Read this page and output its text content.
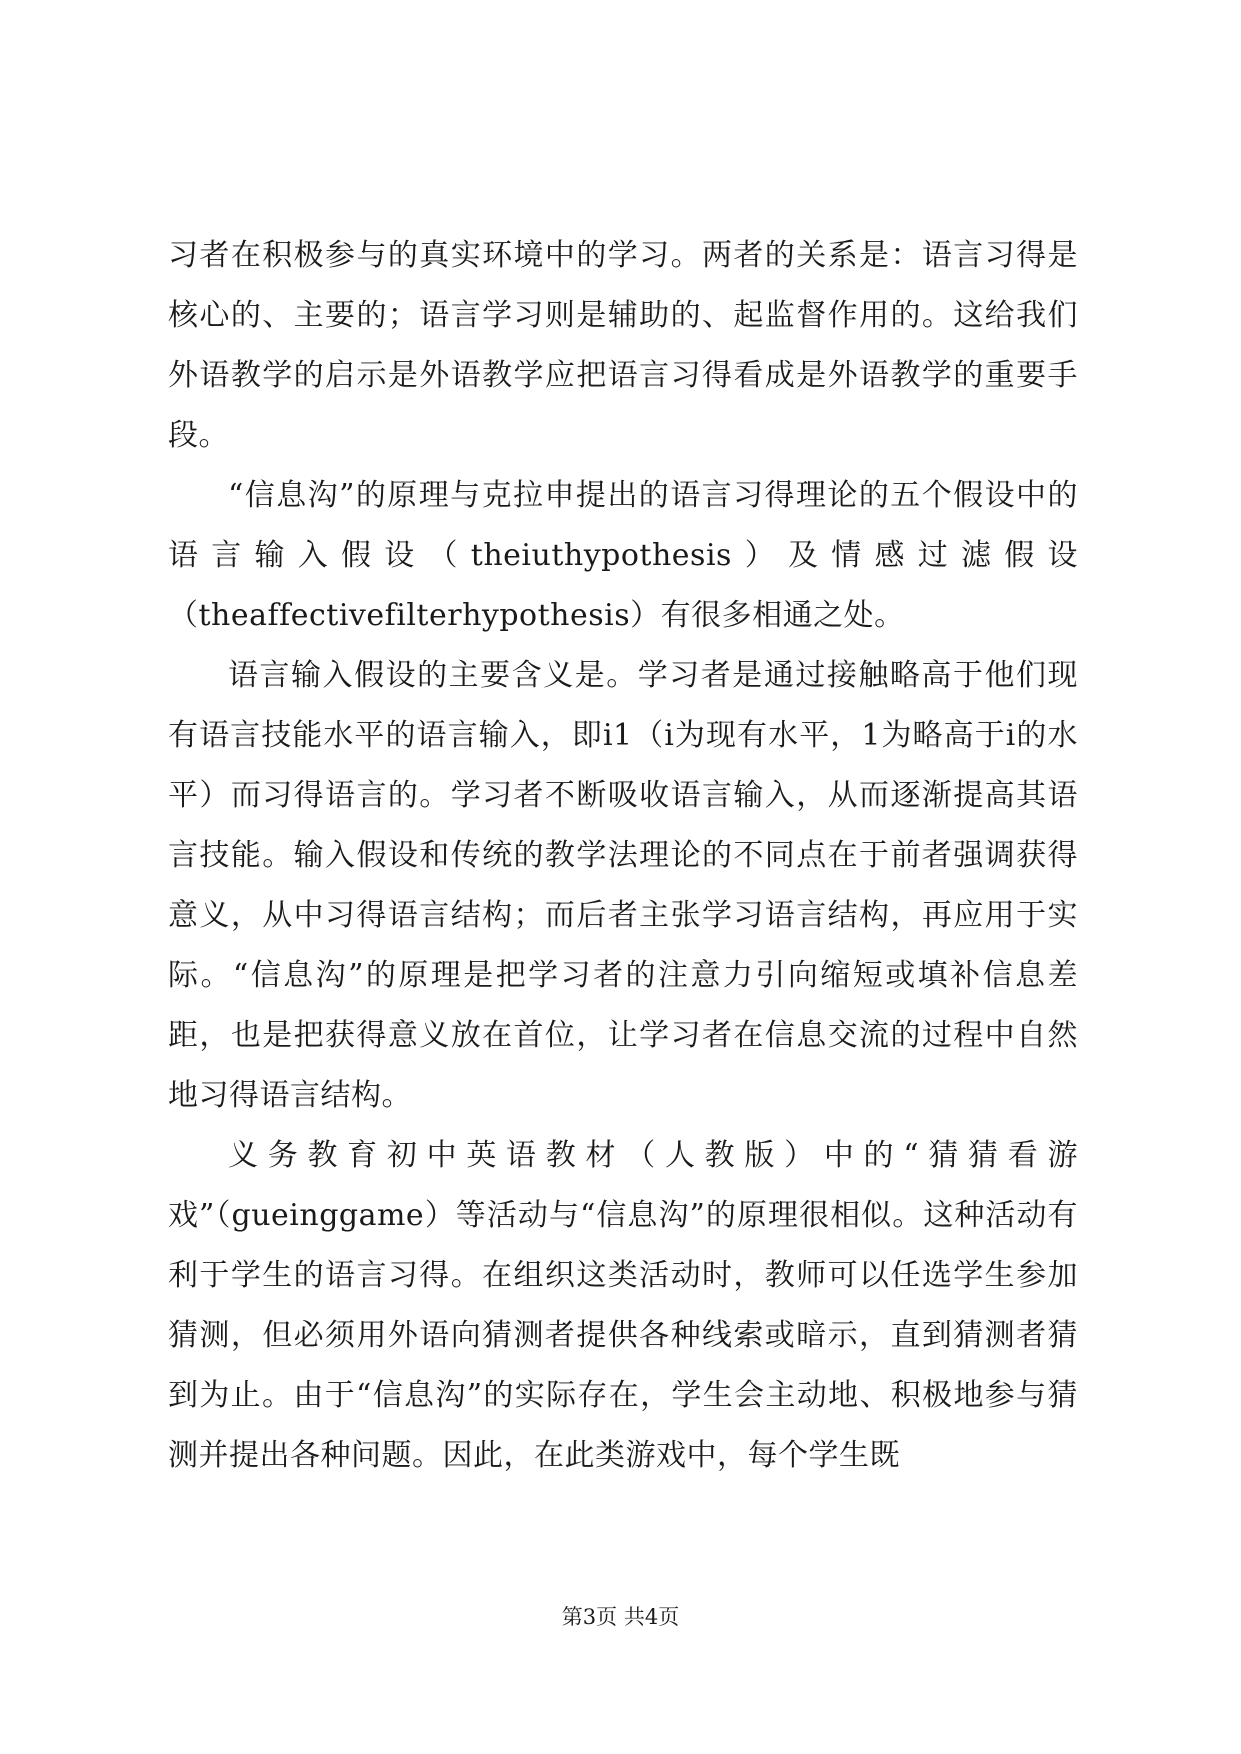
习者在积极参与的真实环境中的学习。两者的关系是：语言习得是核心的、主要的；语言学习则是辅助的、起监督作用的。这给我们外语教学的启示是外语教学应把语言习得看成是外语教学的重要手段。

“信息沟”的原理与克拉申提出的语言习得理论的五个假设中的语言输入假设（theiuthypothesis）及情感过滤假设（theaffectivefilterhypothesis）有很多相通之处。

语言输入假设的主要含义是。学习者是通过接触略高于他们现有语言技能水平的语言输入，即i1（i为现有水平，1为略高于i的水平）而习得语言的。学习者不断吸收语言输入，从而逐渐提高其语言技能。输入假设和传统的教学法理论的不同点在于前者强调获得意义，从中习得语言结构；而后者主张学习语言结构，再应用于实际。“信息沟”的原理是把学习者的注意力引向缩短或填补信息差距，也是把获得意义放在首位，让学习者在信息交流的过程中自然地习得语言结构。

义务教育初中英语教材（人教版）中的“猜猜看游戏”（gueinggame）等活动与“信息沟”的原理很相似。这种活动有利于学生的语言习得。在组织这类活动时，教师可以任选学生参加猜测，但必须用外语向猜测者提供各种线索或暗示，直到猜测者猜到为止。由于“信息沟”的实际存在，学生会主动地、积极地参与猜测并提出各种问题。因此，在此类游戏中，每个学生既

第3页 共4页
